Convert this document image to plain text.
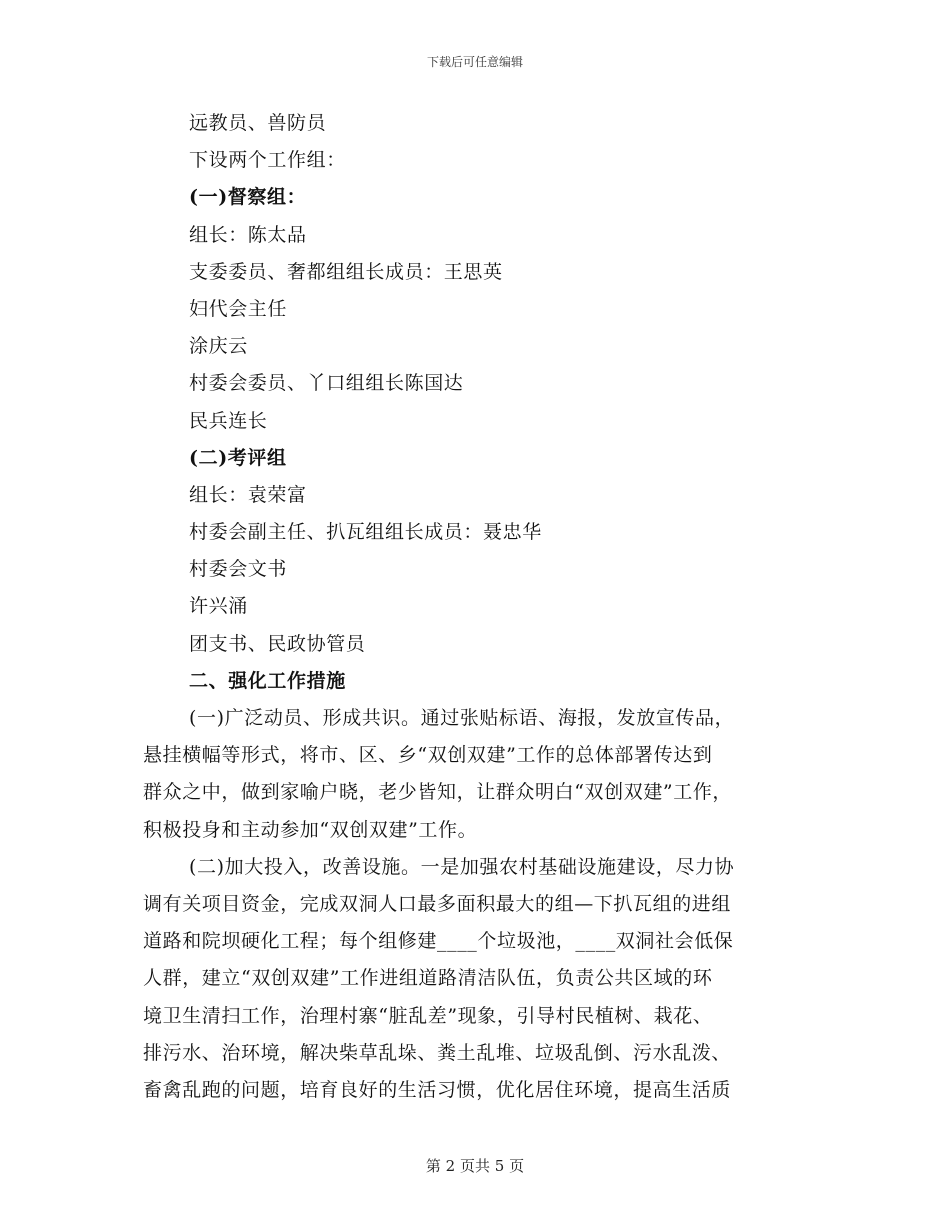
下载后可任意编辑
远教员、兽防员
下设两个工作组：
(一)督察组：
组长：陈太品
支委委员、奢都组组长成员：王思英
妇代会主任
涂庆云
村委会委员、丫口组组长陈国达
民兵连长
(二)考评组
组长：袁荣富
村委会副主任、扒瓦组组长成员：聂忠华
村委会文书
许兴涌
团支书、民政协管员
二、强化工作措施
(一)广泛动员、形成共识。通过张贴标语、海报，发放宣传品，
悬挂横幅等形式，将市、区、乡“双创双建”工作的总体部署传达到
群众之中，做到家喻户晓，老少皆知，让群众明白“双创双建”工作，
积极投身和主动参加“双创双建”工作。
(二)加大投入，改善设施。一是加强农村基础设施建设，尽力协
调有关项目资金，完成双洞人口最多面积最大的组—下扒瓦组的进组
道路和院坝硬化工程；每个组修建____个垃圾池，____双洞社会低保
人群，建立“双创双建”工作进组道路清洁队伍，负责公共区域的环
境卫生清扫工作，治理村寨“脏乱差”现象，引导村民植树、栽花、
排污水、治环境，解决柴草乱垛、粪土乱堆、垃圾乱倒、污水乱泼、
畜禽乱跑的问题，培育良好的生活习惯，优化居住环境，提高生活质
第 2 页共 5 页
